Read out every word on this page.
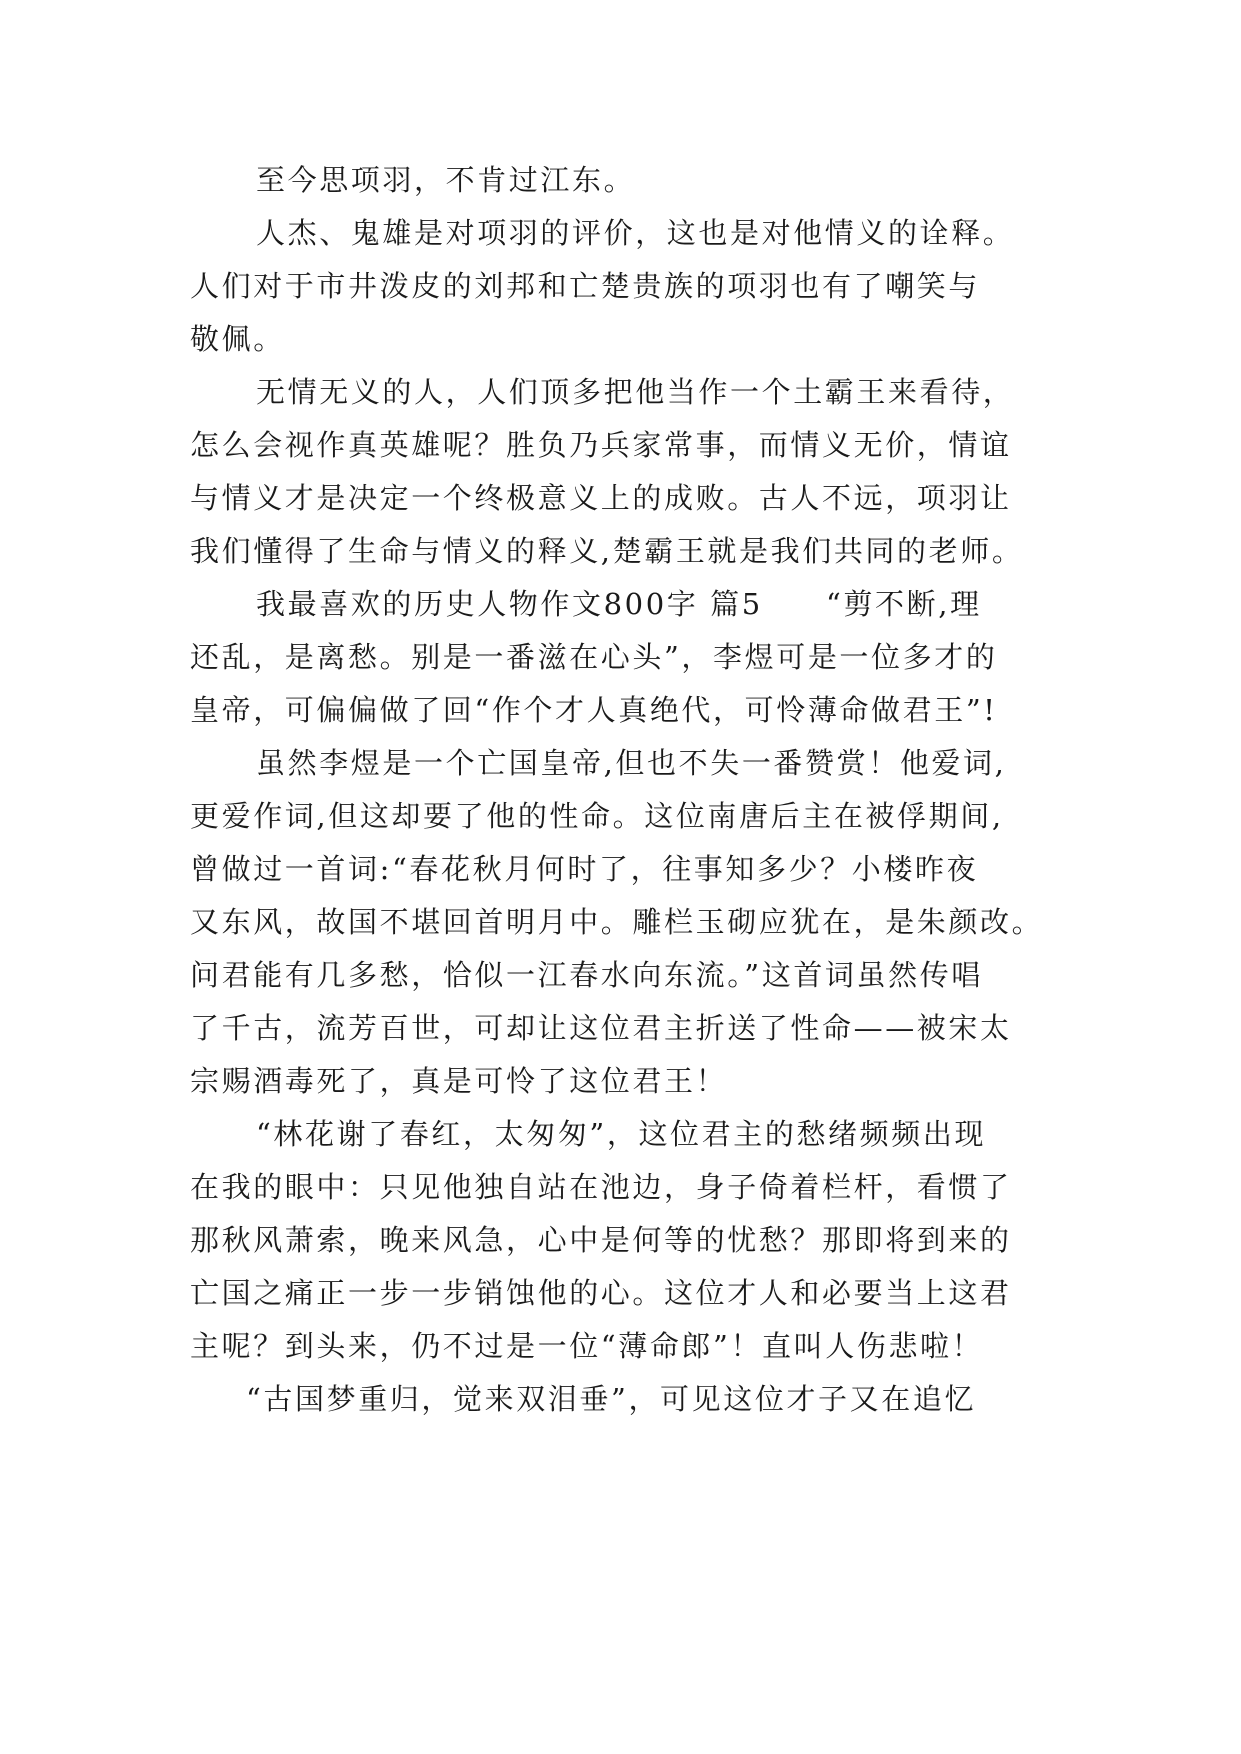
至今思项羽，不肯过江东。
人杰、鬼雄是对项羽的评价，这也是对他情义的诠释。
人们对于市井泼皮的刘邦和亡楚贵族的项羽也有了嘲笑与
敬佩。
无情无义的人，人们顶多把他当作一个土霸王来看待，
怎么会视作真英雄呢？胜负乃兵家常事，而情义无价，情谊
与情义才是决定一个终极意义上的成败。古人不远，项羽让
我们懂得了生命与情义的释义,楚霸王就是我们共同的老师。
我最喜欢的历史人物作文800字 篇5　　“剪不断,理
还乱，是离愁。别是一番滋在心头”，李煜可是一位多才的
皇帝，可偏偏做了回“作个才人真绝代，可怜薄命做君王”!
虽然李煜是一个亡国皇帝,但也不失一番赞赏！他爱词,
更爱作词,但这却要了他的性命。这位南唐后主在被俘期间,
曾做过一首词:“春花秋月何时了，往事知多少？小楼昨夜
又东风，故国不堪回首明月中。雕栏玉砌应犹在，是朱颜改。
问君能有几多愁，恰似一江春水向东流。”这首词虽然传唱
了千古，流芳百世，可却让这位君主折送了性命——被宋太
宗赐酒毒死了，真是可怜了这位君王！
“林花谢了春红，太匆匆”，这位君主的愁绪频频出现
在我的眼中：只见他独自站在池边，身子倚着栏杆，看惯了
那秋风萧索，晚来风急，心中是何等的忧愁？那即将到来的
亡国之痛正一步一步销蚀他的心。这位才人和必要当上这君
主呢？到头来，仍不过是一位“薄命郎”！直叫人伤悲啦！
“古国梦重归，觉来双泪垂”，可见这位才子又在追忆
